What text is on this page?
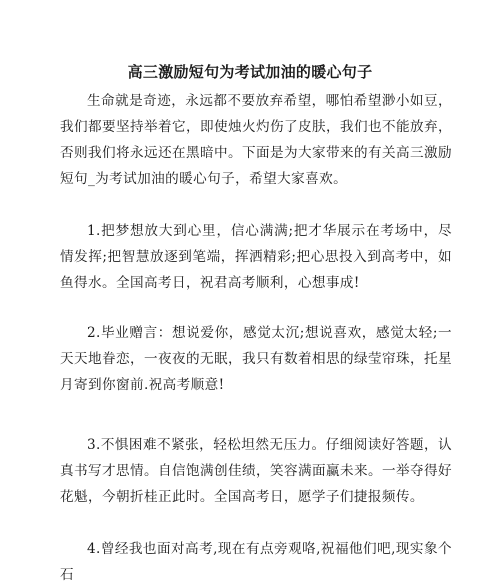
高三激励短句为考试加油的暖心句子

生命就是奇迹，永远都不要放弃希望，哪怕希望渺小如豆，我们都要坚持举着它，即使烛火灼伤了皮肤，我们也不能放弃，否则我们将永远还在黑暗中。下面是为大家带来的有关高三激励短句_为考试加油的暖心句子，希望大家喜欢。

1.把梦想放大到心里，信心满满;把才华展示在考场中，尽情发挥;把智慧放逐到笔端，挥洒精彩;把心思投入到高考中，如鱼得水。全国高考日，祝君高考顺利，心想事成!

2.毕业赠言：想说爱你，感觉太沉;想说喜欢，感觉太轻;一天天地眷恋，一夜夜的无眠，我只有数着相思的绿莹帘珠，托星月寄到你窗前.祝高考顺意!

3.不惧困难不紧张，轻松坦然无压力。仔细阅读好答题，认真书写才思情。自信饱满创佳绩，笑容满面赢未来。一举夺得好花魁，今朝折桂正此时。全国高考日，愿学子们捷报频传。

4.曾经我也面对高考,现在有点旁观咯,祝福他们吧,现实象个石
